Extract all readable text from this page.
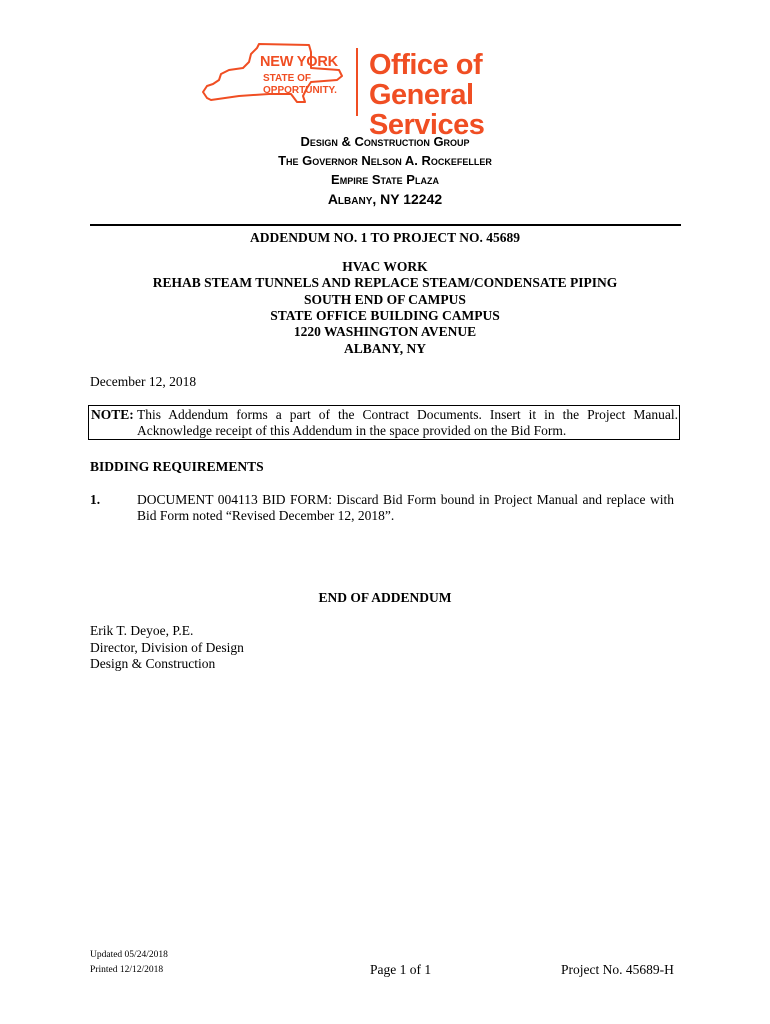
NEW YORK
STATE OF
OPPORTUNITY.
Office of
General Services
Design & Construction Group
The Governor Nelson A. Rockefeller
Empire State Plaza
Albany, NY 12242
ADDENDUM NO. 1 TO PROJECT NO. 45689
HVAC WORK
REHAB STEAM TUNNELS AND REPLACE STEAM/CONDENSATE PIPING
SOUTH END OF CAMPUS
STATE OFFICE BUILDING CAMPUS
1220 WASHINGTON AVENUE
ALBANY, NY
December 12, 2018
NOTE: This Addendum forms a part of the Contract Documents. Insert it in the Project Manual.
Acknowledge receipt of this Addendum in the space provided on the Bid Form.
BIDDING REQUIREMENTS
1.	DOCUMENT 004113 BID FORM: Discard Bid Form bound in Project Manual and replace with
Bid Form noted “Revised December 12, 2018”.
END OF ADDENDUM
Erik T. Deyoe, P.E.
Director, Division of Design
Design & Construction
Updated 05/24/2018
Printed 12/12/2018	Page 1 of 1	Project No. 45689-H
